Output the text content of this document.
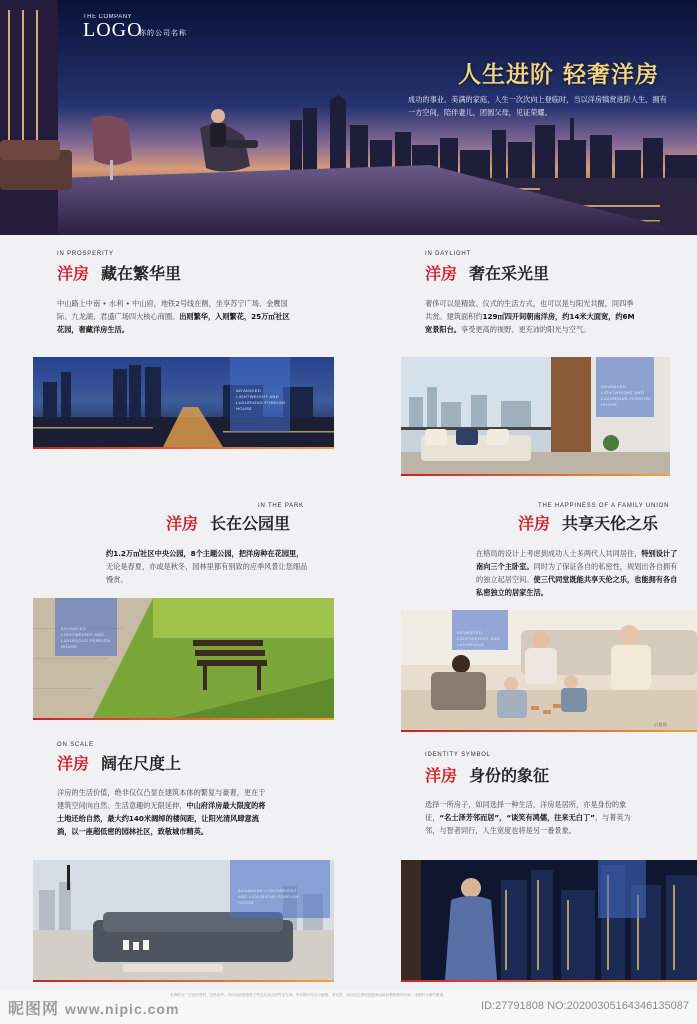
THE COMPANY
LOGO
你的公司名称
人生进阶 轻奢洋房
成功的事业、美满的家庭，人生一次次向上登临时，当以洋房犒赏进阶人生，拥有一方空间，陪伴妻儿，团圆父母，见证荣耀。
IN PROSPERITY
洋房 藏在繁华里
中山路上中南 • 水利 • 中山府，地铁2号线在侧，坐享苏宁广场、金鹰国际、九龙湖、君盛广场四大核心商圈。出则繁华，入则繁花，25万㎡社区花园，奢藏洋房生活。
ADVANCED LIGHTWEIGHT AND LUXURIOUS FOREIGN HOUSE
IN DAYLIGHT
洋房 奢在采光里
奢侈可以是精致、仪式的生活方式，也可以是与阳光共醒，同四季共赏。建筑面积约129㎡四开间朝南洋房，约14米大面宽，约6M宽景阳台。享受更高的视野、更充沛的阳光与空气。
ADVANCED LIGHTWEIGHT AND LUXURIOUS FOREIGN HOUSE
IN THE PARK
洋房 长在公园里
约1.2万㎡社区中央公园，8个主题公园，把洋房种在花园里，无论是春夏，亦或是秋冬，园林里都有别致的应季风景让您细品慢赏。
ADVANCED LIGHTWEIGHT AND LUXURIOUS FOREIGN HOUSE
THE HAPPINESS OF A FAMILY UNION
洋房 共享天伦之乐
在格局的设计上考虑到成功人士多两代人共同居住，特别设计了南向三个主卧室。同时为了保证各自的私密性，规划出各自拥有的独立起居空间。使三代同堂既能共享天伦之乐，也能拥有各自私密独立的居家生活。
ADVANCED LIGHTWEIGHT AND LUXURIOUS FOREIGN HOUSE
示意图
ON SCALE
洋房 阔在尺度上
洋房的生活价值，绝非仅仅凸显在建筑本体的繁复与豪奢，更在于建筑空间向自然、生活意趣的无限延伸，中山府洋房最大限度的将土地还给自然，最大约140米阔绰的楼间距，让阳光清风肆意流淌，以一座超低密的园林社区，致敬城市精英。
ADVANCED LIGHTWEIGHT AND LUXURIOUS FOREIGN HOUSE
IDENTITY SYMBOL
洋房 身份的象征
选择一所房子，如同选择一种生活，洋房是居所，亦是身份的象征，“名士泽芳邻而居”，“谈笑有鸿儒，往来无白丁”，与菁英为邻，与智者同行，人生宽度也将是另一番景象。
昵图网 www.nipic.com
本海报为广告宣传资料，仅供参考，具体以政府批准文件及买卖合同约定为准。所有图片均为示意图，非实景，项目周边规划及配套以政府最终规划为准。本资料为要约邀请。
ID:27791808 NO:20200305164346135087
